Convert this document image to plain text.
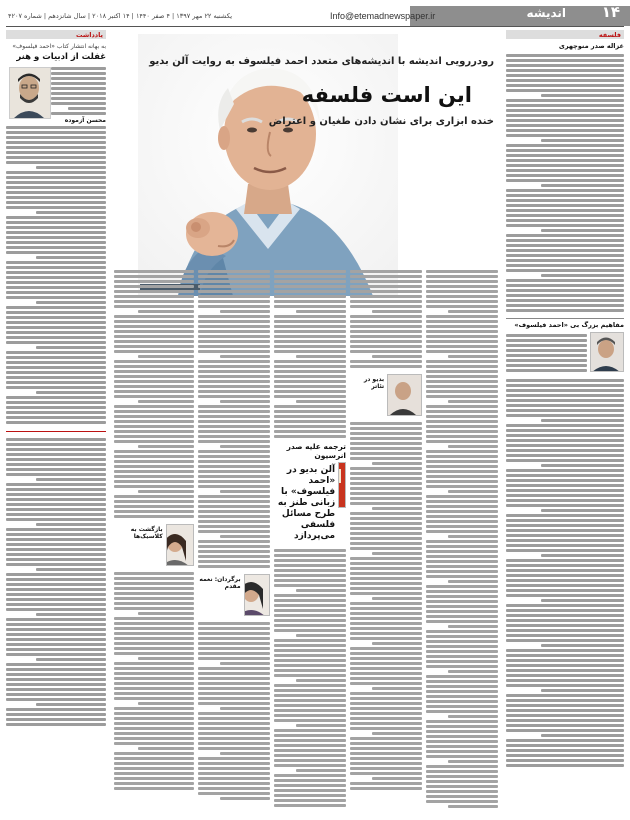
۱۴
اندیشه
Info@etemadnewspaper.ir
یکشنبه ۲۲ مهر ۱۳۹۷ | ۴ صفر ۱۴۴۰ | ۱۴ اکتبر ۲۰۱۸ | سال شانزدهم | شماره ۴۲۰۷
یادداشت
به بهانه انتشار کتاب «احمد فیلسوف»
غفلت از ادبیات و هنر
محسن آزموده
رودررویی اندیشه با اندیشه‌های متعدد احمد فیلسوف به روایت آلن بدیو
این است فلسفه
خنده ابزاری برای نشان دادن طغیان و اعتراض
بدیو در تئاتر
ترجمه علیه صدر انرسیون
آلن بدیو در «احمد فیلسوف» با زبانی طنز به طرح مسائل فلسفی می‌پردازد
برگردان: نغمه مقدم
بازگشت به کلاسیک‌ها
فلسفه
غزاله صدر منوچهری
مفاهیم بزرگ بی «احمد فیلسوف»
